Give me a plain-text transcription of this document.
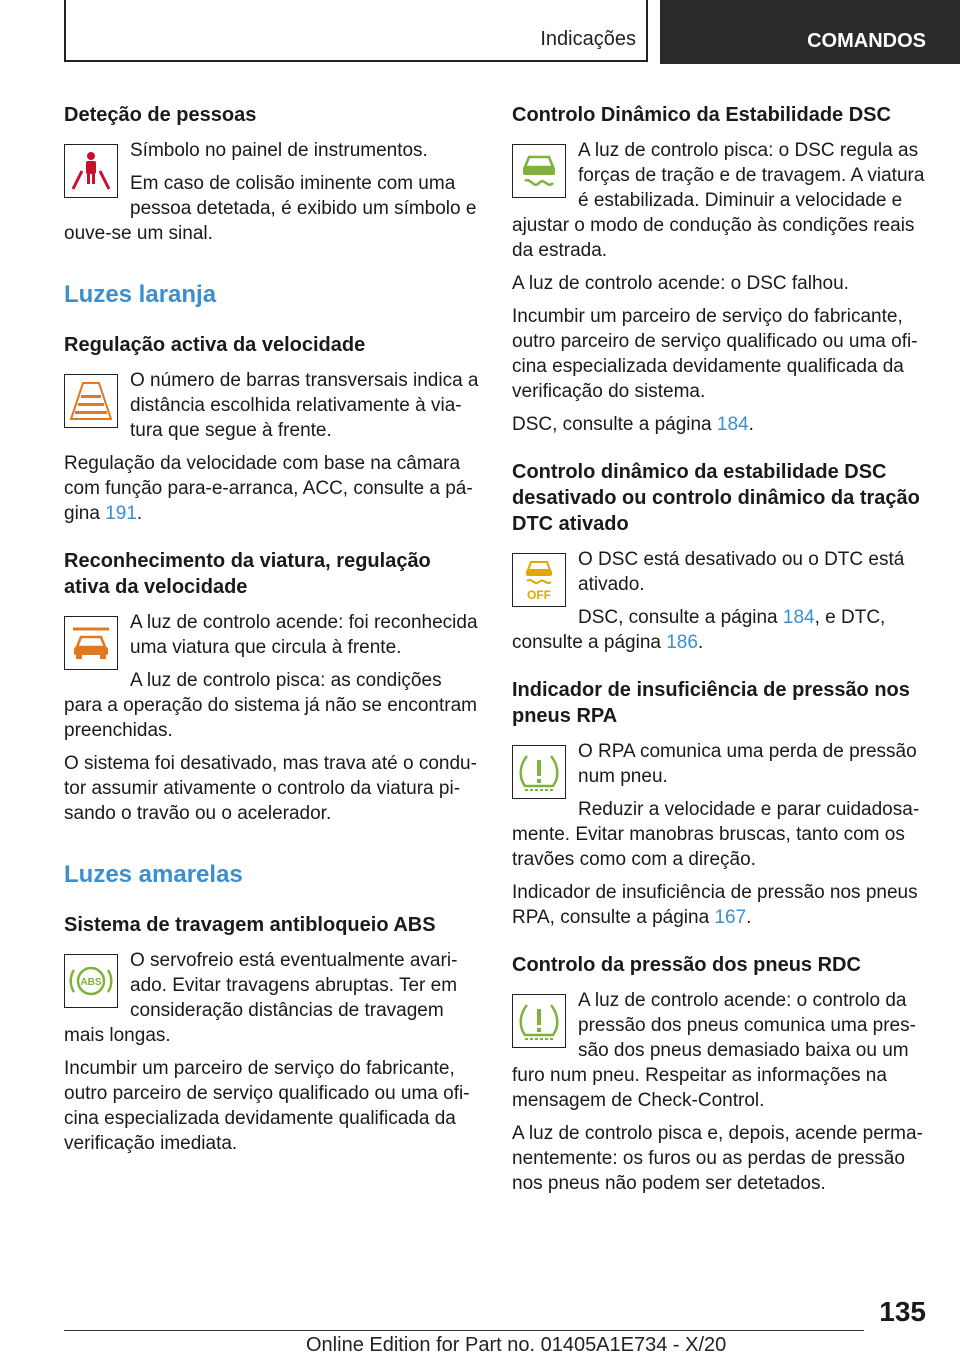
Indicações	COMANDOS
Deteção de pessoas
Símbolo no painel de instrumentos.
Em caso de colisão iminente com uma pessoa detetada, é exibido um símbolo e ouve-se um sinal.
Luzes laranja
Regulação activa da velocidade
O número de barras transversais indica a distância escolhida relativamente à viatura que segue à frente.
Regulação da velocidade com base na câmara com função para-e-arranca, ACC, consulte a página 191.
Reconhecimento da viatura, regulação ativa da velocidade
A luz de controlo acende: foi reconhecida uma viatura que circula à frente.
A luz de controlo pisca: as condições para a operação do sistema já não se encontram preenchidas.
O sistema foi desativado, mas trava até o condutor assumir ativamente o controlo da viatura pisando o travão ou o acelerador.
Luzes amarelas
Sistema de travagem antibloqueio ABS
ABS
O servofreio está eventualmente avariado. Evitar travagens abruptas. Ter em consideração distâncias de travagem mais longas.
Incumbir um parceiro de serviço do fabricante, outro parceiro de serviço qualificado ou uma oficina especializada devidamente qualificada da verificação imediata.
Controlo Dinâmico da Estabilidade DSC
A luz de controlo pisca: o DSC regula as forças de tração e de travagem. A viatura é estabilizada. Diminuir a velocidade e ajustar o modo de condução às condições reais da estrada.
A luz de controlo acende: o DSC falhou.
Incumbir um parceiro de serviço do fabricante, outro parceiro de serviço qualificado ou uma oficina especializada devidamente qualificada da verificação do sistema.
DSC, consulte a página 184.
Controlo dinâmico da estabilidade DSC desativado ou controlo dinâmico da tração DTC ativado
OFF
O DSC está desativado ou o DTC está ativado.
DSC, consulte a página 184, e DTC, consulte a página 186.
Indicador de insuficiência de pressão nos pneus RPA
O RPA comunica uma perda de pressão num pneu.
Reduzir a velocidade e parar cuidadosamente. Evitar manobras bruscas, tanto com os travões como com a direção.
Indicador de insuficiência de pressão nos pneus RPA, consulte a página 167.
Controlo da pressão dos pneus RDC
A luz de controlo acende: o controlo da pressão dos pneus comunica uma pressão dos pneus demasiado baixa ou um furo num pneu. Respeitar as informações na mensagem de Check-Control.
A luz de controlo pisca e, depois, acende permanentemente: os furos ou as perdas de pressão nos pneus não podem ser detetados.
135
Online Edition for Part no. 01405A1E734 - X/20
